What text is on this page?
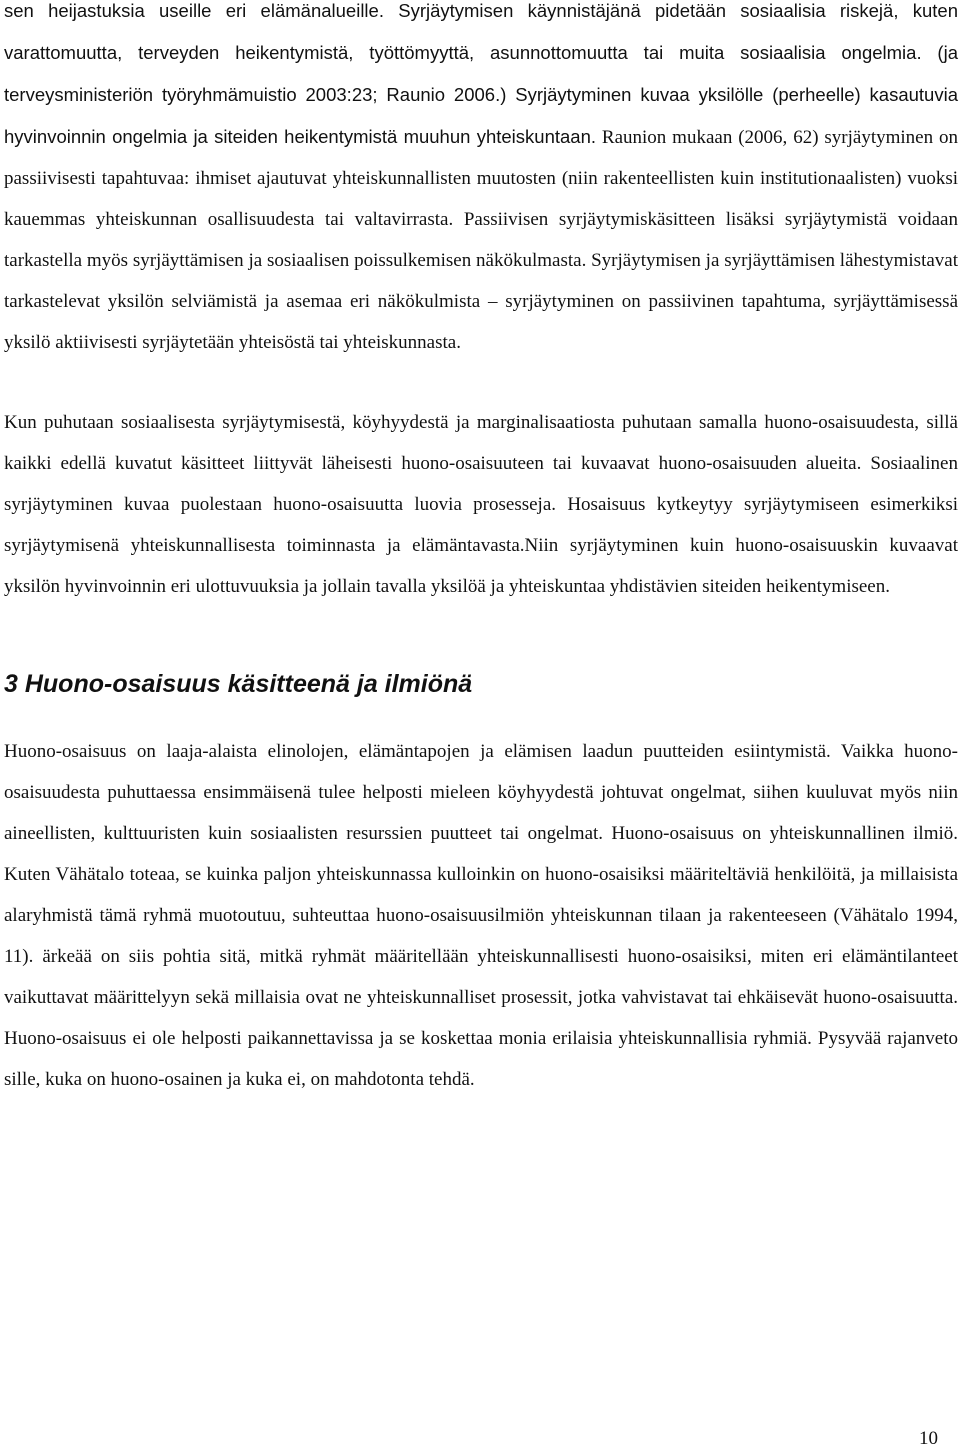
sen heijastuksia useille eri elämänalueille. Syrjäytymisen käynnistäjänä pidetään sosiaalisia riskejä, kuten varattomuutta, terveyden heikentymistä, työttömyyttä, asunnottomuutta tai muita sosiaalisia ongelmia. (ja terveysministeriön työryhmämuistio 2003:23; Raunio 2006.) Syrjäytyminen kuvaa yksilölle (perheelle) kasautuvia hyvinvoinnin ongelmia ja siteiden heikentymistä muuhun yhteiskuntaan. Raunion mukaan (2006, 62) syrjäytyminen on passiivisesti tapahtuvaa: ihmiset ajautuvat yhteiskunnallisten muutosten (niin rakenteellisten kuin institutionaalisten) vuoksi kauemmas yhteiskunnan osallisuudesta tai valtavirrasta. Passiivisen syrjäytymiskäsitteen lisäksi syrjäytymistä voidaan tarkastella myös syrjäyttämisen ja sosiaalisen poissulkemisen näkökulmasta. Syrjäytymisen ja syrjäyttämisen lähestymistavat tarkastelevat yksilön selviämistä ja asemaa eri näkökulmista – syrjäytyminen on passiivinen tapahtuma, syrjäyttämisessä yksilö aktiivisesti syrjäytetään yhteisöstä tai yhteiskunnasta.

Kun puhutaan sosiaalisesta syrjäytymisestä, köyhyydestä ja marginalisaatiosta puhutaan samalla huono-osaisuudesta, sillä kaikki edellä kuvatut käsitteet liittyvät läheisesti huono-osaisuuteen tai kuvaavat huono-osaisuuden alueita. Sosiaalinen syrjäytyminen kuvaa puolestaan huono-osaisuutta luovia prosesseja. Hosaisuus kytkeytyy syrjäytymiseen esimerkiksi syrjäytymisenä yhteiskunnallisesta toiminnasta ja elämäntavasta.Niin syrjäytyminen kuin huono-osaisuuskin kuvaavat yksilön hyvinvoinnin eri ulottuvuuksia ja jollain tavalla yksilöä ja yhteiskuntaa yhdistävien siteiden heikentymiseen.

3 Huono-osaisuus käsitteenä ja ilmiönä

Huono-osaisuus on laaja-alaista elinolojen, elämäntapojen ja elämisen laadun puutteiden esiintymistä. Vaikka huono-osaisuudesta puhuttaessa ensimmäisenä tulee helposti mieleen köyhyydestä johtuvat ongelmat, siihen kuuluvat myös niin aineellisten, kulttuuristen kuin sosiaalisten resurssien puutteet tai ongelmat. Huono-osaisuus on yhteiskunnallinen ilmiö. Kuten Vähätalo toteaa, se kuinka paljon yhteiskunnassa kulloinkin on huono-osaisiksi määriteltäviä henkilöitä, ja millaisista alaryhmistä tämä ryhmä muotoutuu, suhteuttaa huono-osaisuusilmiön yhteiskunnan tilaan ja rakenteeseen (Vähätalo 1994, 11). ärkeää on siis pohtia sitä, mitkä ryhmät määritellään yhteiskunnallisesti huono-osaisiksi, miten eri elämäntilanteet vaikuttavat määrittelyyn sekä millaisia ovat ne yhteiskunnalliset prosessit, jotka vahvistavat tai ehkäisevät huono-osaisuutta. Huono-osaisuus ei ole helposti paikannettavissa ja se koskettaa monia erilaisia yhteiskunnallisia ryhmiä. Pysyvää rajanveto sille, kuka on huono-osainen ja kuka ei, on mahdotonta tehdä.

10
